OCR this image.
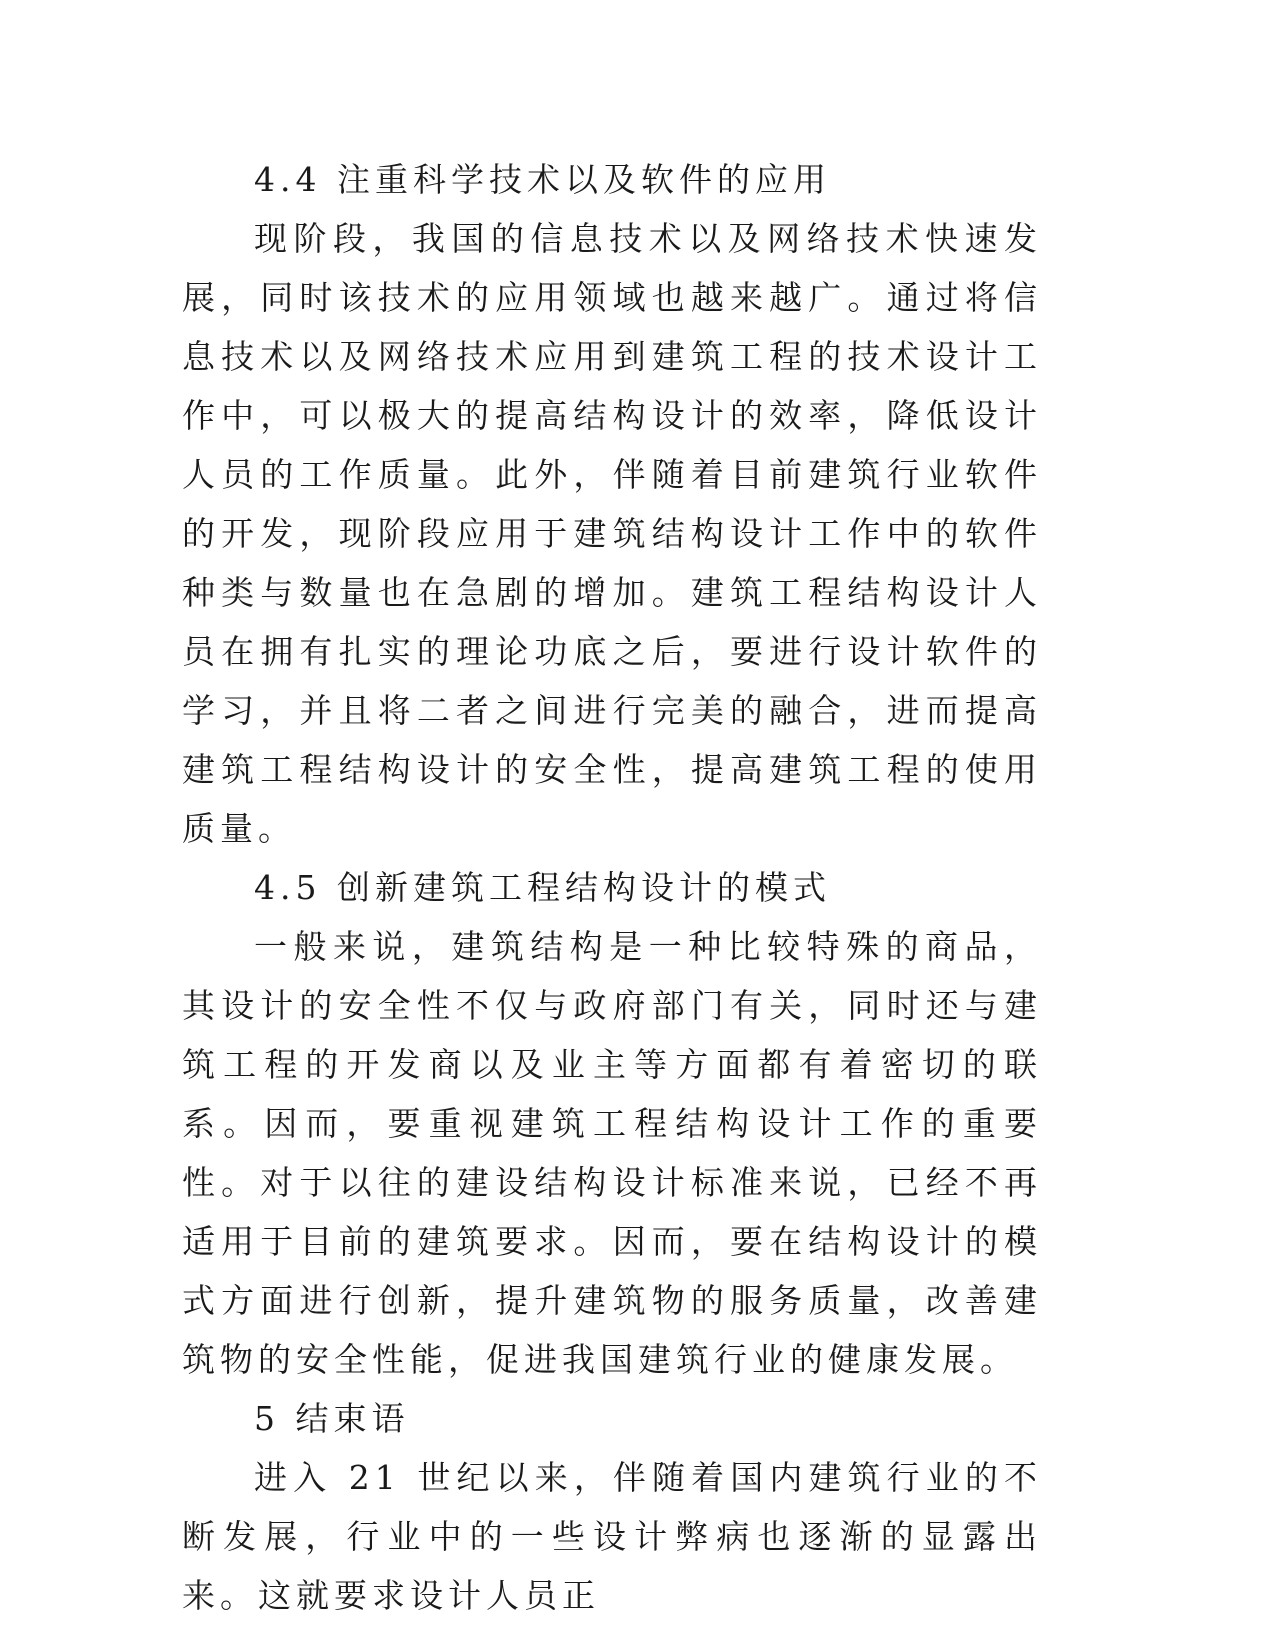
4.4 注重科学技术以及软件的应用

现阶段，我国的信息技术以及网络技术快速发展，同时该技术的应用领域也越来越广。通过将信息技术以及网络技术应用到建筑工程的技术设计工作中，可以极大的提高结构设计的效率，降低设计人员的工作质量。此外，伴随着目前建筑行业软件的开发，现阶段应用于建筑结构设计工作中的软件种类与数量也在急剧的增加。建筑工程结构设计人员在拥有扎实的理论功底之后，要进行设计软件的学习，并且将二者之间进行完美的融合，进而提高建筑工程结构设计的安全性，提高建筑工程的使用质量。

4.5 创新建筑工程结构设计的模式

一般来说，建筑结构是一种比较特殊的商品，其设计的安全性不仅与政府部门有关，同时还与建筑工程的开发商以及业主等方面都有着密切的联系。因而，要重视建筑工程结构设计工作的重要性。对于以往的建设结构设计标准来说，已经不再适用于目前的建筑要求。因而，要在结构设计的模式方面进行创新，提升建筑物的服务质量，改善建筑物的安全性能，促进我国建筑行业的健康发展。

5 结束语

进入 21 世纪以来，伴随着国内建筑行业的不断发展，行业中的一些设计弊病也逐渐的显露出来。这就要求设计人员正
